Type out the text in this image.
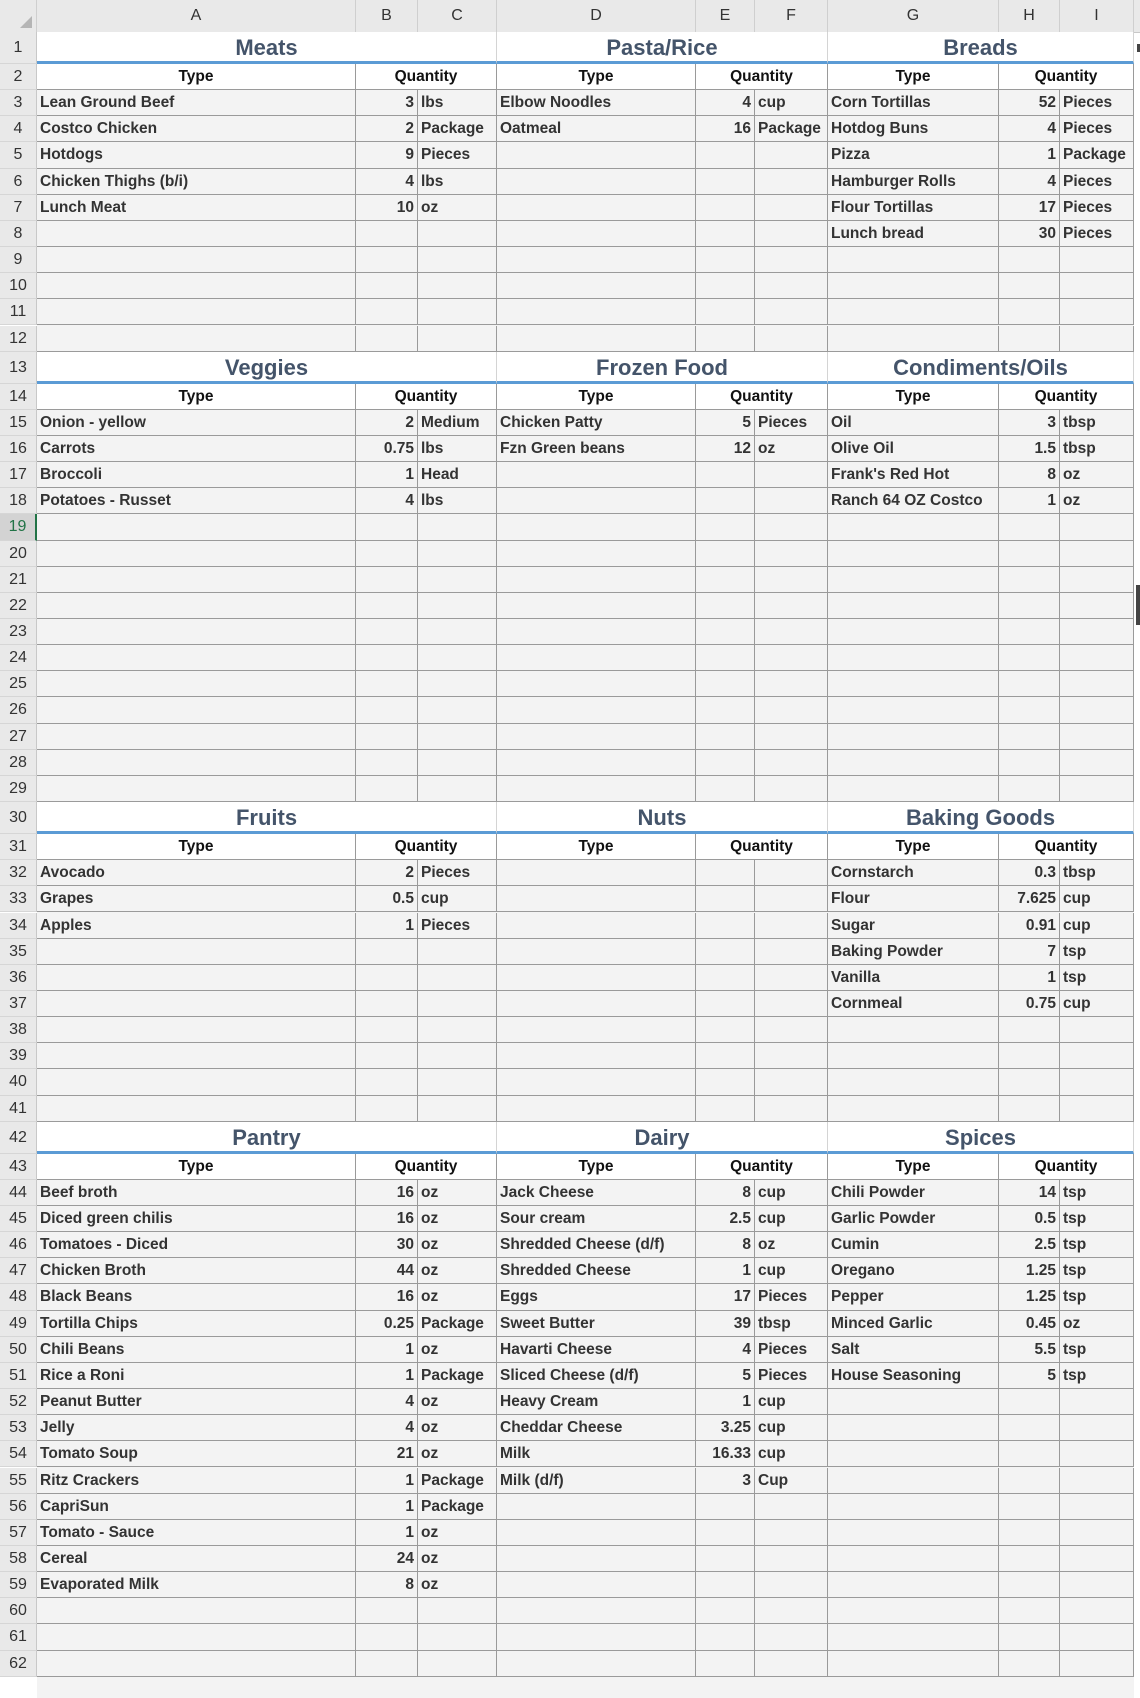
A	B	C	D	E	F	G	H	I
Meats
Type	Quantity
Lean Ground Beef	3 lbs
Costco Chicken	2 Package
Hotdogs	9 Pieces
Chicken Thighs (b/i)	4 lbs
Lunch Meat	10 oz
Pasta/Rice
Type	Quantity
Elbow Noodles	4 cup
Oatmeal	16 Package
Breads
Type	Quantity
Corn Tortillas	52 Pieces
Hotdog Buns	4 Pieces
Pizza	1 Package
Hamburger Rolls	4 Pieces
Flour Tortillas	17 Pieces
Lunch bread	30 Pieces
Veggies
Type	Quantity
Onion - yellow	2 Medium
Carrots	0.75 lbs
Broccoli	1 Head
Potatoes - Russet	4 lbs
Frozen Food
Type	Quantity
Chicken Patty	5 Pieces
Fzn Green beans	12 oz
Condiments/Oils
Type	Quantity
Oil	3 tbsp
Olive Oil	1.5 tbsp
Frank's Red Hot	8 oz
Ranch 64 OZ Costco	1 oz
Fruits
Type	Quantity
Avocado	2 Pieces
Grapes	0.5 cup
Apples	1 Pieces
Nuts
Type	Quantity
Baking Goods
Type	Quantity
Cornstarch	0.3 tbsp
Flour	7.625 cup
Sugar	0.91 cup
Baking Powder	7 tsp
Vanilla	1 tsp
Cornmeal	0.75 cup
Pantry
Type	Quantity
Beef broth	16 oz
Diced green chilis	16 oz
Tomatoes - Diced	30 oz
Chicken Broth	44 oz
Black Beans	16 oz
Tortilla Chips	0.25 Package
Chili Beans	1 oz
Rice a Roni	1 Package
Peanut Butter	4 oz
Jelly	4 oz
Tomato Soup	21 oz
Ritz Crackers	1 Package
CapriSun	1 Package
Tomato - Sauce	1 oz
Cereal	24 oz
Evaporated Milk	8 oz
Dairy
Type	Quantity
Jack Cheese	8 cup
Sour cream	2.5 cup
Shredded Cheese (d/f)	8 oz
Shredded Cheese	1 cup
Eggs	17 Pieces
Sweet Butter	39 tbsp
Havarti Cheese	4 Pieces
Sliced Cheese (d/f)	5 Pieces
Heavy Cream	1 cup
Cheddar Cheese	3.25 cup
Milk	16.33 cup
Milk (d/f)	3 Cup
Spices
Type	Quantity
Chili Powder	14 tsp
Garlic Powder	0.5 tsp
Cumin	2.5 tsp
Oregano	1.25 tsp
Pepper	1.25 tsp
Minced Garlic	0.45 oz
Salt	5.5 tsp
House Seasoning	5 tsp
1
2
3
4
5
6
7
8
9
10
11
12
13
14
15
16
17
18
19
20
21
22
23
24
25
26
27
28
29
30
31
32
33
34
35
36
37
38
39
40
41
42
43
44
45
46
47
48
49
50
51
52
53
54
55
56
57
58
59
60
61
62
